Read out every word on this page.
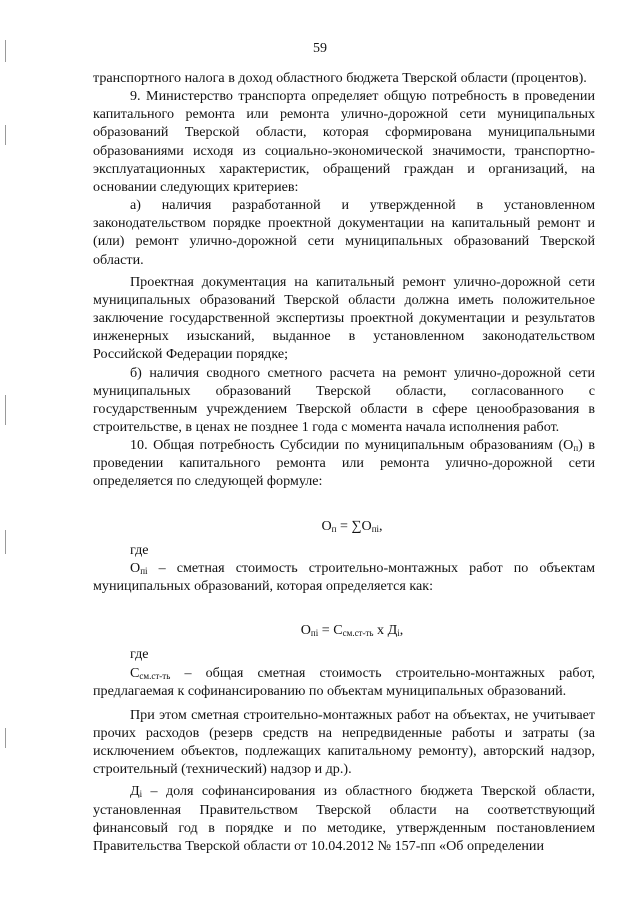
59

транспортного налога в доход областного бюджета Тверской области (процентов).

9. Министерство транспорта определяет общую потребность в проведении капитального ремонта или ремонта улично-дорожной сети муниципальных образований Тверской области, которая сформирована муниципальными образованиями исходя из социально-экономической значимости, транспортно-эксплуатационных характеристик, обращений граждан и организаций, на основании следующих критериев:

а) наличия разработанной и утвержденной в установленном законодательством порядке проектной документации на капитальный ремонт и (или) ремонт улично-дорожной сети муниципальных образований Тверской области.

Проектная документация на капитальный ремонт улично-дорожной сети муниципальных образований Тверской области должна иметь положительное заключение государственной экспертизы проектной документации и результатов инженерных изысканий, выданное в установленном законодательством Российской Федерации порядке;

б) наличия сводного сметного расчета на ремонт улично-дорожной сети муниципальных образований Тверской области, согласованного с государственным учреждением Тверской области в сфере ценообразования в строительстве, в ценах не позднее 1 года с момента начала исполнения работ.

10. Общая потребность Субсидии по муниципальным образованиям $(О_п)$ в проведении капитального ремонта или ремонта улично-дорожной сети определяется по следующей формуле:

$О_п = \sum О_{пi}$,

где

$О_{пi}$ – сметная стоимость строительно-монтажных работ по объектам муниципальных образований, которая определяется как:

$О_{пi} = С_{см.ст-ть}$ х $Д_i$,

где

$С_{см.ст-ть}$ – общая сметная стоимость строительно-монтажных работ, предлагаемая к софинансированию по объектам муниципальных образований.

При этом сметная строительно-монтажных работ на объектах, не учитывает прочих расходов (резерв средств на непредвиденные работы и затраты (за исключением объектов, подлежащих капитальному ремонту), авторский надзор, строительный (технический) надзор и др.).

$Д_i$ – доля софинансирования из областного бюджета Тверской области, установленная Правительством Тверской области на соответствующий финансовый год в порядке и по методике, утвержденным постановлением Правительства Тверской области от 10.04.2012 № 157-пп «Об определении
